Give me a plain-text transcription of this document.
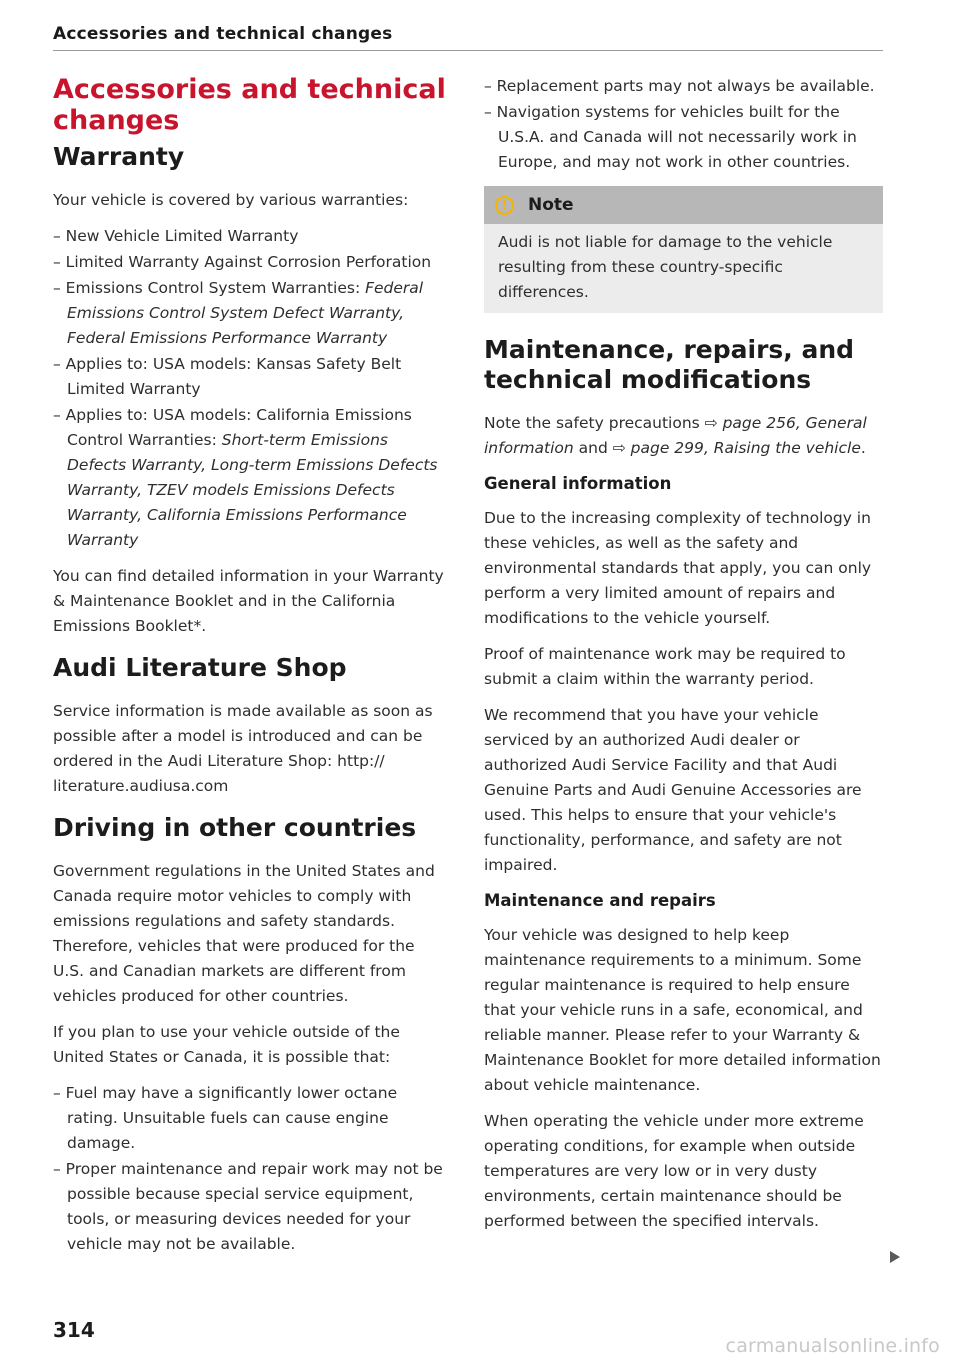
Accessories and technical changes
Accessories and technical changes
Warranty

Your vehicle is covered by various warranties:

– New Vehicle Limited Warranty
– Limited Warranty Against Corrosion Perforation
– Emissions Control System Warranties: Federal Emissions Control System Defect Warranty, Federal Emissions Performance Warranty
– Applies to: USA models: Kansas Safety Belt Limited Warranty
– Applies to: USA models: California Emissions Control Warranties: Short-term Emissions Defects Warranty, Long-term Emissions Defects Warranty, TZEV models Emissions Defects Warranty, California Emissions Performance Warranty

You can find detailed information in your Warranty & Maintenance Booklet and in the California Emissions Booklet*.

Audi Literature Shop

Service information is made available as soon as possible after a model is introduced and can be ordered in the Audi Literature Shop: http:// literature.audiusa.com

Driving in other countries

Government regulations in the United States and Canada require motor vehicles to comply with emissions regulations and safety standards. Therefore, vehicles that were produced for the U.S. and Canadian markets are different from vehicles produced for other countries.

If you plan to use your vehicle outside of the United States or Canada, it is possible that:

– Fuel may have a significantly lower octane rating. Unsuitable fuels can cause engine damage.
– Proper maintenance and repair work may not be possible because special service equipment, tools, or measuring devices needed for your vehicle may not be available.
– Replacement parts may not always be available.
– Navigation systems for vehicles built for the U.S.A. and Canada will not necessarily work in Europe, and may not work in other countries.
!	Note

Audi is not liable for damage to the vehicle resulting from these country-specific differences.

Maintenance, repairs, and technical modifications

Note the safety precautions ⇨ page 256, General information and ⇨ page 299, Raising the vehicle.

General information

Due to the increasing complexity of technology in these vehicles, as well as the safety and environmental standards that apply, you can only perform a very limited amount of repairs and modifications to the vehicle yourself.

Proof of maintenance work may be required to submit a claim within the warranty period.

We recommend that you have your vehicle serviced by an authorized Audi dealer or authorized Audi Service Facility and that Audi Genuine Parts and Audi Genuine Accessories are used. This helps to ensure that your vehicle's functionality, performance, and safety are not impaired.

Maintenance and repairs

Your vehicle was designed to help keep maintenance requirements to a minimum. Some regular maintenance is required to help ensure that your vehicle runs in a safe, economical, and reliable manner. Please refer to your Warranty & Maintenance Booklet for more detailed information about vehicle maintenance.

When operating the vehicle under more extreme operating conditions, for example when outside temperatures are very low or in very dusty environments, certain maintenance should be performed between the specified intervals.

314
carmanualsonline.info
